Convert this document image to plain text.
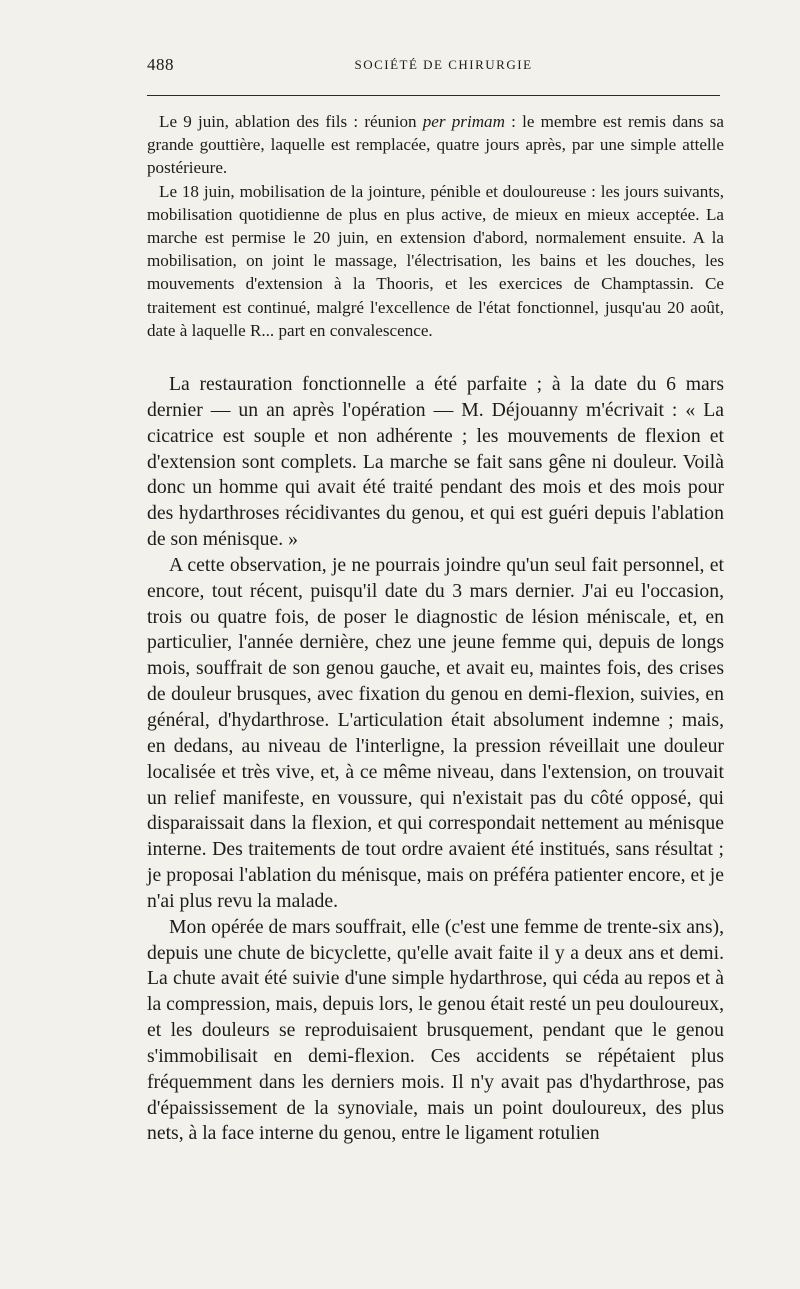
488	SOCIÉTÉ DE CHIRURGIE

Le 9 juin, ablation des fils : réunion per primam : le membre est remis dans sa grande gouttière, laquelle est remplacée, quatre jours après, par une simple attelle postérieure.

Le 18 juin, mobilisation de la jointure, pénible et douloureuse : les jours suivants, mobilisation quotidienne de plus en plus active, de mieux en mieux acceptée. La marche est permise le 20 juin, en extension d'abord, normalement ensuite. A la mobilisation, on joint le massage, l'électrisation, les bains et les douches, les mouvements d'extension à la Thooris, et les exercices de Champtassin. Ce traitement est continué, malgré l'excellence de l'état fonctionnel, jusqu'au 20 août, date à laquelle R... part en convalescence.

La restauration fonctionnelle a été parfaite ; à la date du 6 mars dernier — un an après l'opération — M. Déjouanny m'écrivait : « La cicatrice est souple et non adhérente ; les mouvements de flexion et d'extension sont complets. La marche se fait sans gêne ni douleur. Voilà donc un homme qui avait été traité pendant des mois et des mois pour des hydarthroses récidivantes du genou, et qui est guéri depuis l'ablation de son ménisque. »

A cette observation, je ne pourrais joindre qu'un seul fait personnel, et encore, tout récent, puisqu'il date du 3 mars dernier. J'ai eu l'occasion, trois ou quatre fois, de poser le diagnostic de lésion méniscale, et, en particulier, l'année dernière, chez une jeune femme qui, depuis de longs mois, souffrait de son genou gauche, et avait eu, maintes fois, des crises de douleur brusques, avec fixation du genou en demi-flexion, suivies, en général, d'hydarthrose. L'articulation était absolument indemne ; mais, en dedans, au niveau de l'interligne, la pression réveillait une douleur localisée et très vive, et, à ce même niveau, dans l'extension, on trouvait un relief manifeste, en voussure, qui n'existait pas du côté opposé, qui disparaissait dans la flexion, et qui correspondait nettement au ménisque interne. Des traitements de tout ordre avaient été institués, sans résultat ; je proposai l'ablation du ménisque, mais on préféra patienter encore, et je n'ai plus revu la malade.

Mon opérée de mars souffrait, elle (c'est une femme de trente-six ans), depuis une chute de bicyclette, qu'elle avait faite il y a deux ans et demi. La chute avait été suivie d'une simple hydarthrose, qui céda au repos et à la compression, mais, depuis lors, le genou était resté un peu douloureux, et les douleurs se reproduisaient brusquement, pendant que le genou s'immobilisait en demi-flexion. Ces accidents se répétaient plus fréquemment dans les derniers mois. Il n'y avait pas d'hydarthrose, pas d'épaississement de la synoviale, mais un point douloureux, des plus nets, à la face interne du genou, entre le ligament rotulien
